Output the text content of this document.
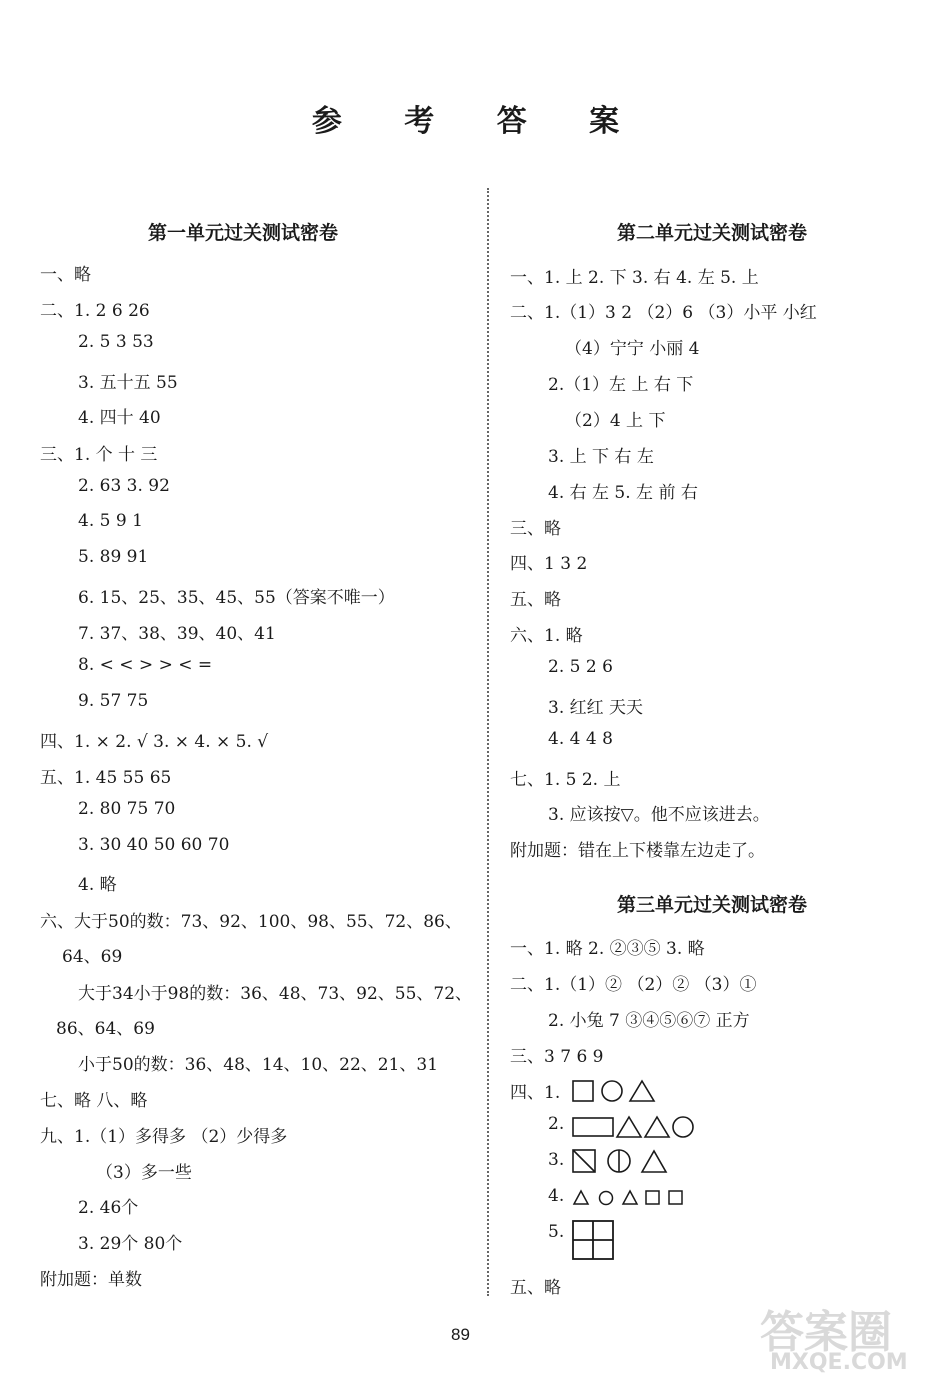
参 考 答 案
第一单元过关测试密卷
一、略
二、1. 2 6 26
2. 5 3 53
3. 五十五 55
4. 四十 40
三、1. 个 十 三
2. 63 3. 92
4. 5 9 1
5. 89 91
6. 15、25、35、45、55（答案不唯一）
7. 37、38、39、40、41
8. < < > > < =
9. 57 75
四、1. × 2. √ 3. × 4. × 5. √
五、1. 45 55 65
2. 80 75 70
3. 30 40 50 60 70
4. 略
六、大于50的数：73、92、100、98、55、72、86、
64、69
大于34小于98的数：36、48、73、92、55、72、
86、64、69
小于50的数：36、48、14、10、22、21、31
七、略 八、略
九、1.（1）多得多 （2）少得多
（3）多一些
2. 46个
3. 29个 80个
附加题：单数
第二单元过关测试密卷
一、1. 上 2. 下 3. 右 4. 左 5. 上
二、1.（1）3 2 （2）6 （3）小平 小红
（4）宁宁 小丽 4
2.（1）左 上 右 下
（2）4 上 下
3. 上 下 右 左
4. 右 左 5. 左 前 右
三、略
四、1 3 2
五、略
六、1. 略
2. 5 2 6
3. 红红 天天
4. 4 4 8
七、1. 5 2. 上
3. 应该按▽。他不应该进去。
附加题：错在上下楼靠左边走了。
第三单元过关测试密卷
一、1. 略 2. ②③⑤ 3. 略
二、1.（1）② （2）② （3）①
2. 小兔 7 ③④⑤⑥⑦ 正方
三、3 7 6 9
四、1.
2.
3.
4.
5.
五、略
89	答案圈
MXQE.COM
